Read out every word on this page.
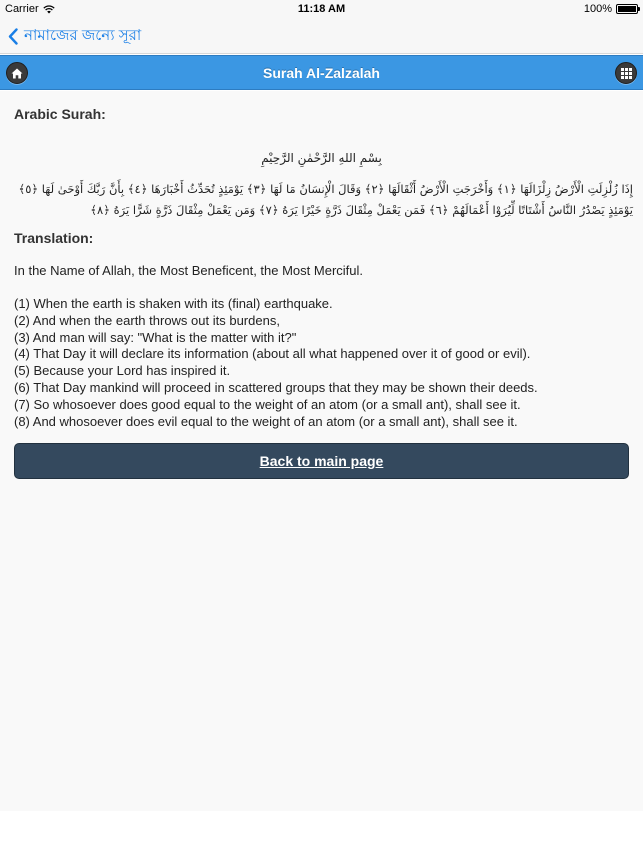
Carrier	11:18 AM	100%
নামাজের জন্যে সূরা
Surah Al-Zalzalah
Arabic Surah:
بِسْمِ اللهِ الرَّحْمٰنِ الرَّحِيْمِ
إِذَا زُلْزِلَتِ الْأَرْضُ زِلْزَالَهَا ﴿١﴾ وَأَخْرَجَتِ الْأَرْضُ أَثْقَالَهَا ﴿٢﴾ وَقَالَ الْإِنسَانُ مَا لَهَا ﴿٣﴾ يَوْمَئِذٍ تُحَدِّثُ أَخْبَارَهَا ﴿٤﴾ بِأَنَّ رَبَّكَ أَوْحَىٰ لَهَا ﴿٥﴾ يَوْمَئِذٍ يَصْدُرُ النَّاسُ أَشْتَاتًا لِّيُرَوْا أَعْمَالَهُمْ ﴿٦﴾ فَمَن يَعْمَلْ مِثْقَالَ ذَرَّةٍ خَيْرًا يَرَهُ ﴿٧﴾ وَمَن يَعْمَلْ مِثْقَالَ ذَرَّةٍ شَرًّا يَرَهُ ﴿٨﴾
Translation:
In the Name of Allah, the Most Beneficent, the Most Merciful.
(1) When the earth is shaken with its (final) earthquake.
(2) And when the earth throws out its burdens,
(3) And man will say: "What is the matter with it?"
(4) That Day it will declare its information (about all what happened over it of good or evil).
(5) Because your Lord has inspired it.
(6) That Day mankind will proceed in scattered groups that they may be shown their deeds.
(7) So whosoever does good equal to the weight of an atom (or a small ant), shall see it.
(8) And whosoever does evil equal to the weight of an atom (or a small ant), shall see it.
Back to main page
